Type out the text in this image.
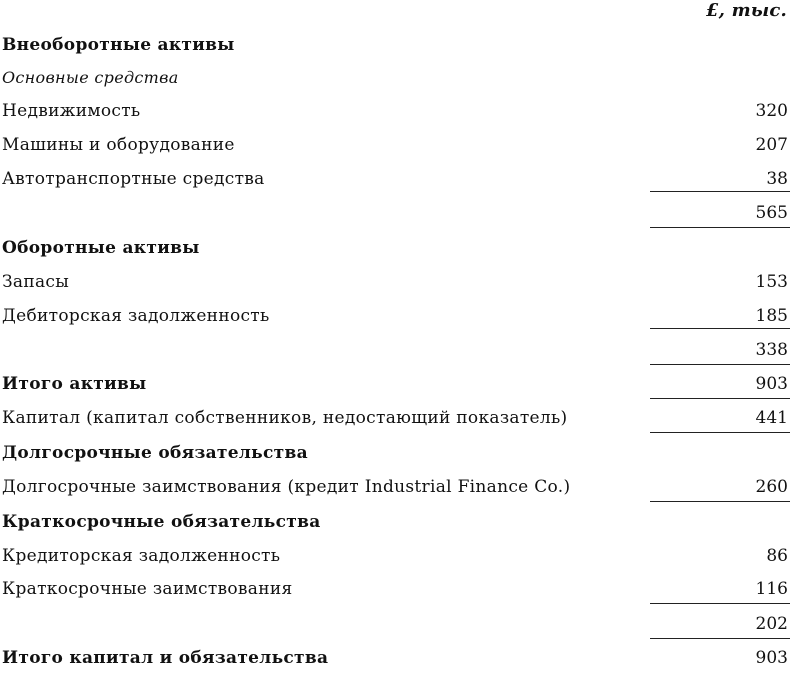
£, тыс.
Внеоборотные активы
Основные средства
Недвижимость	320
Машины и оборудование	207
Автотранспортные средства	38
565
Оборотные активы
Запасы	153
Дебиторская задолженность	185
338
Итого активы	903
Капитал (капитал собственников, недостающий показатель)	441
Долгосрочные обязательства
Долгосрочные заимствования (кредит Industrial Finance Co.)	260
Краткосрочные обязательства
Кредиторская задолженность	86
Краткосрочные заимствования	116
202
Итого капитал и обязательства	903
